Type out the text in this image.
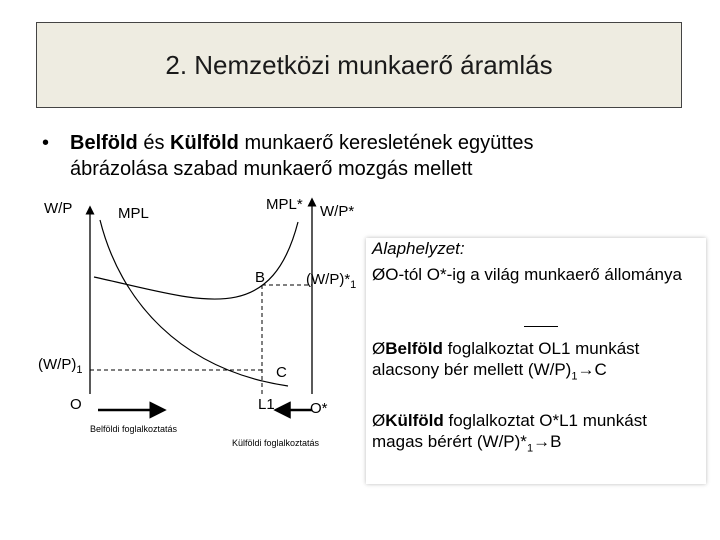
2. Nemzetközi munkaerő áramlás
• Belföld és Külföld munkaerő keresletének együttes ábrázolása szabad munkaerő mozgás mellett
W/P	MPL
MPL* W/P*
B	$(W/P)*_1$
$(W/P)_1$	C
O	L1 O*
Belföldi foglalkoztatás
Külföldi foglalkoztatás
Alaphelyzet:
ØO-tól O*-ig a világ munkaerő állománya
ØBelföld foglalkoztat OL1 munkást alacsony bér mellett $(W/P)_1\to C$
ØKülföld foglalkoztat O*L1 munkást magas bérért $(W/P)*_1\to B$
